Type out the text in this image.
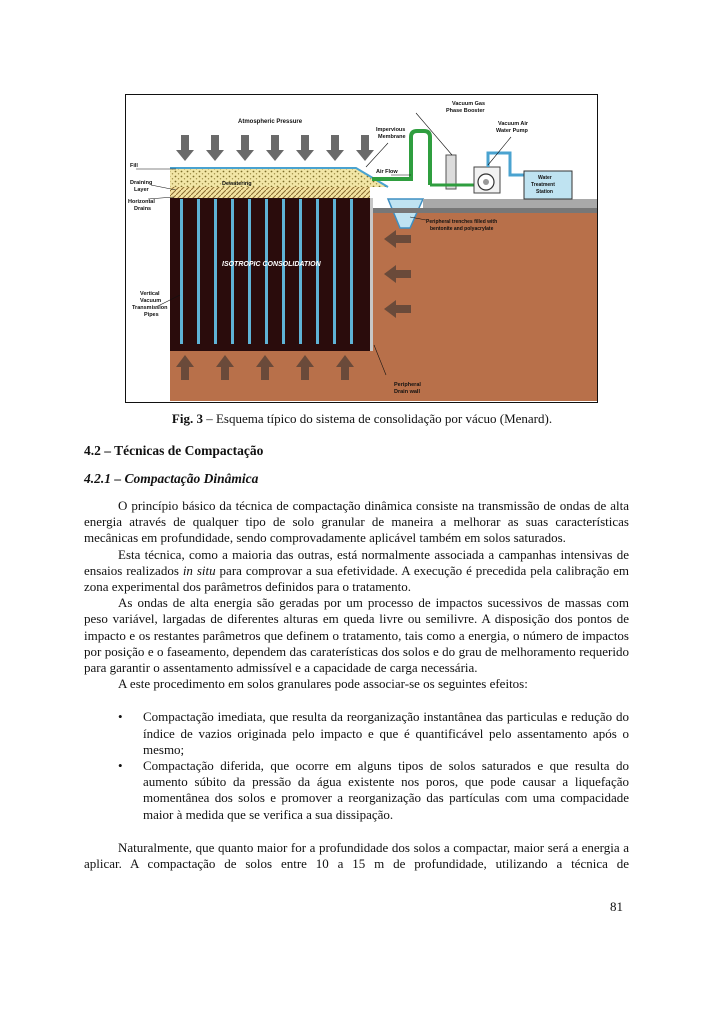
Atmospheric Pressure
Vacuum Gas
Phase Booster
Impervious
Membrane
Vacuum Air
Water Pump
Fill
Draining
Layer
Horizontal
Drains
Dewatering
Air Flow
Water
Treatment
Station
Peripheral trenches filled with
bentonite and polyacrylate
ISOTROPIC CONSOLIDATION
Vertical
Vacuum
Transmission
Pipes
Peripheral
Drain wall
Fig. 3 – Esquema típico do sistema de consolidação por vácuo (Menard).
4.2 – Técnicas de Compactação
4.2.1 – Compactação Dinâmica

O princípio básico da técnica de compactação dinâmica consiste na transmissão de ondas de alta energia através de qualquer tipo de solo granular de maneira a melhorar as suas características mecânicas em profundidade, sendo comprovadamente aplicável também em solos saturados.

Esta técnica, como a maioria das outras, está normalmente associada a campanhas intensivas de ensaios realizados in situ para comprovar a sua efetividade. A execução é precedida pela calibração em zona experimental dos parâmetros definidos para o tratamento.

As ondas de alta energia são geradas por um processo de impactos sucessivos de massas com peso variável, largadas de diferentes alturas em queda livre ou semilivre. A disposição dos pontos de impacto e os restantes parâmetros que definem o tratamento, tais como a energia, o número de impactos por posição e o faseamento, dependem das caraterísticas dos solos e do grau de melhoramento requerido para garantir o assentamento admissível e a capacidade de carga necessária.

A este procedimento em solos granulares pode associar-se os seguintes efeitos:

• Compactação imediata, que resulta da reorganização instantânea das particulas e redução do índice de vazios originada pelo impacto e que é quantificável pelo assentamento após o mesmo;
• Compactação diferida, que ocorre em alguns tipos de solos saturados e que resulta do aumento súbito da pressão da água existente nos poros, que pode causar a liquefação momentânea dos solos e promover a reorganização das partículas com uma compacidade maior à medida que se verifica a sua dissipação.

Naturalmente, que quanto maior for a profundidade dos solos a compactar, maior será a energia a aplicar. A compactação de solos entre 10 a 15 m de profundidade, utilizando a técnica de

81
